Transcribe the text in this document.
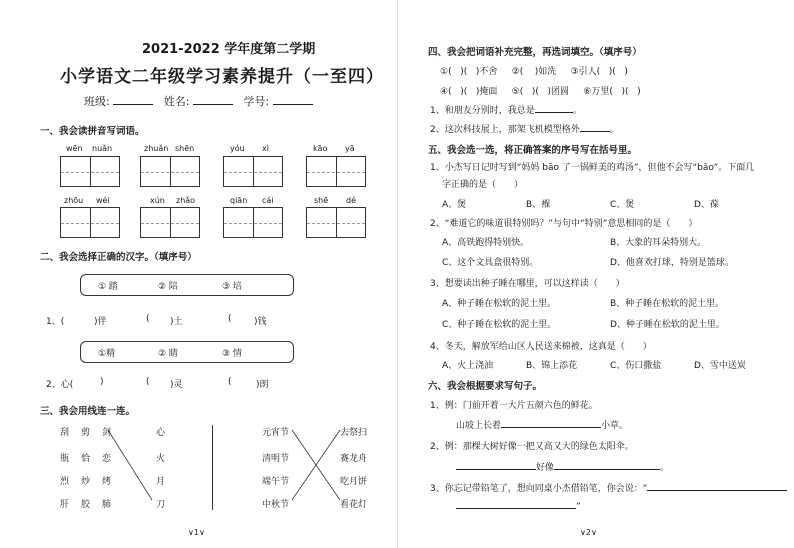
2021-2022 学年度第二学期
小学语文二年级学习素养提升（一至四）
班级:	姓名:	学号:
一、我会读拼音写词语。
wēn nuǎn	zhuǎn shēn	yóu xì	kāo yā
zhōu wéi	xún zhǎo	qiān cái	shē dé
二、我会选择正确的汉字。（填序号）
① 踏	② 陪	③ 培
1、(	)伴	( )土	( )钱
①精	② 睛	③ 情
2、心(	)	( )灵	(	)朗
三、我会用线连一连。
刮剪剑
瓶恰恋
烈炒烤
肝胶肺
心
火
月
刀
元宵节
清明节
端午节
中秋节
去祭扫
赛龙舟
吃月饼
看花灯
∨1∨
四、我会把词语补充完整，再选词填空。（填序号）
①( )( )不舍 ②( )如洗 ③引人( )( )
④( )( )掩面 ⑤( )( )团圆 ⑥万里( )( )
1、和朋友分别时，我总是	。
2、这次科技展上，那架飞机模型格外	。
五、我会选一选，将正确答案的序号写在括号里。
1、小杰写日记时写到“妈妈 bāo 了一锅鲜美的鸡汤”，但他不会写“bāo”。下面几
字正确的是（　　）
A、煲	B、褓	C、煲	D、葆
2、“难道它的味道很特别吗？”与句中“特别”意思相同的是（　　）
A、高铁跑得特别快。	B、大象的耳朵特别大。
C、这个文具盒很特别。	D、他喜欢打球，特别是篮球。
3、想要读出种子睡在哪里，可以这样读（　　）
A、种子睡在松软的泥土里。	B、种子睡在松软的泥土里。
C、种子睡在松软的泥土里。	D、种子睡在松软的泥土里。
4、冬天，解放军给山区人民送来棉被，这真是（　　）
A、火上浇油	B、锦上添花	C、伤口撒盐	D、雪中送炭
六、我会根据要求写句子。
1、例：门前开着一大片五颜六色的鲜花。
山坡上长着	小草。
2、例：那棵大树好像一把又高又大的绿色太阳伞。
好像	。
3、你忘记带铅笔了，想向同桌小杰借铅笔，你会说：“
”
∨2∨
